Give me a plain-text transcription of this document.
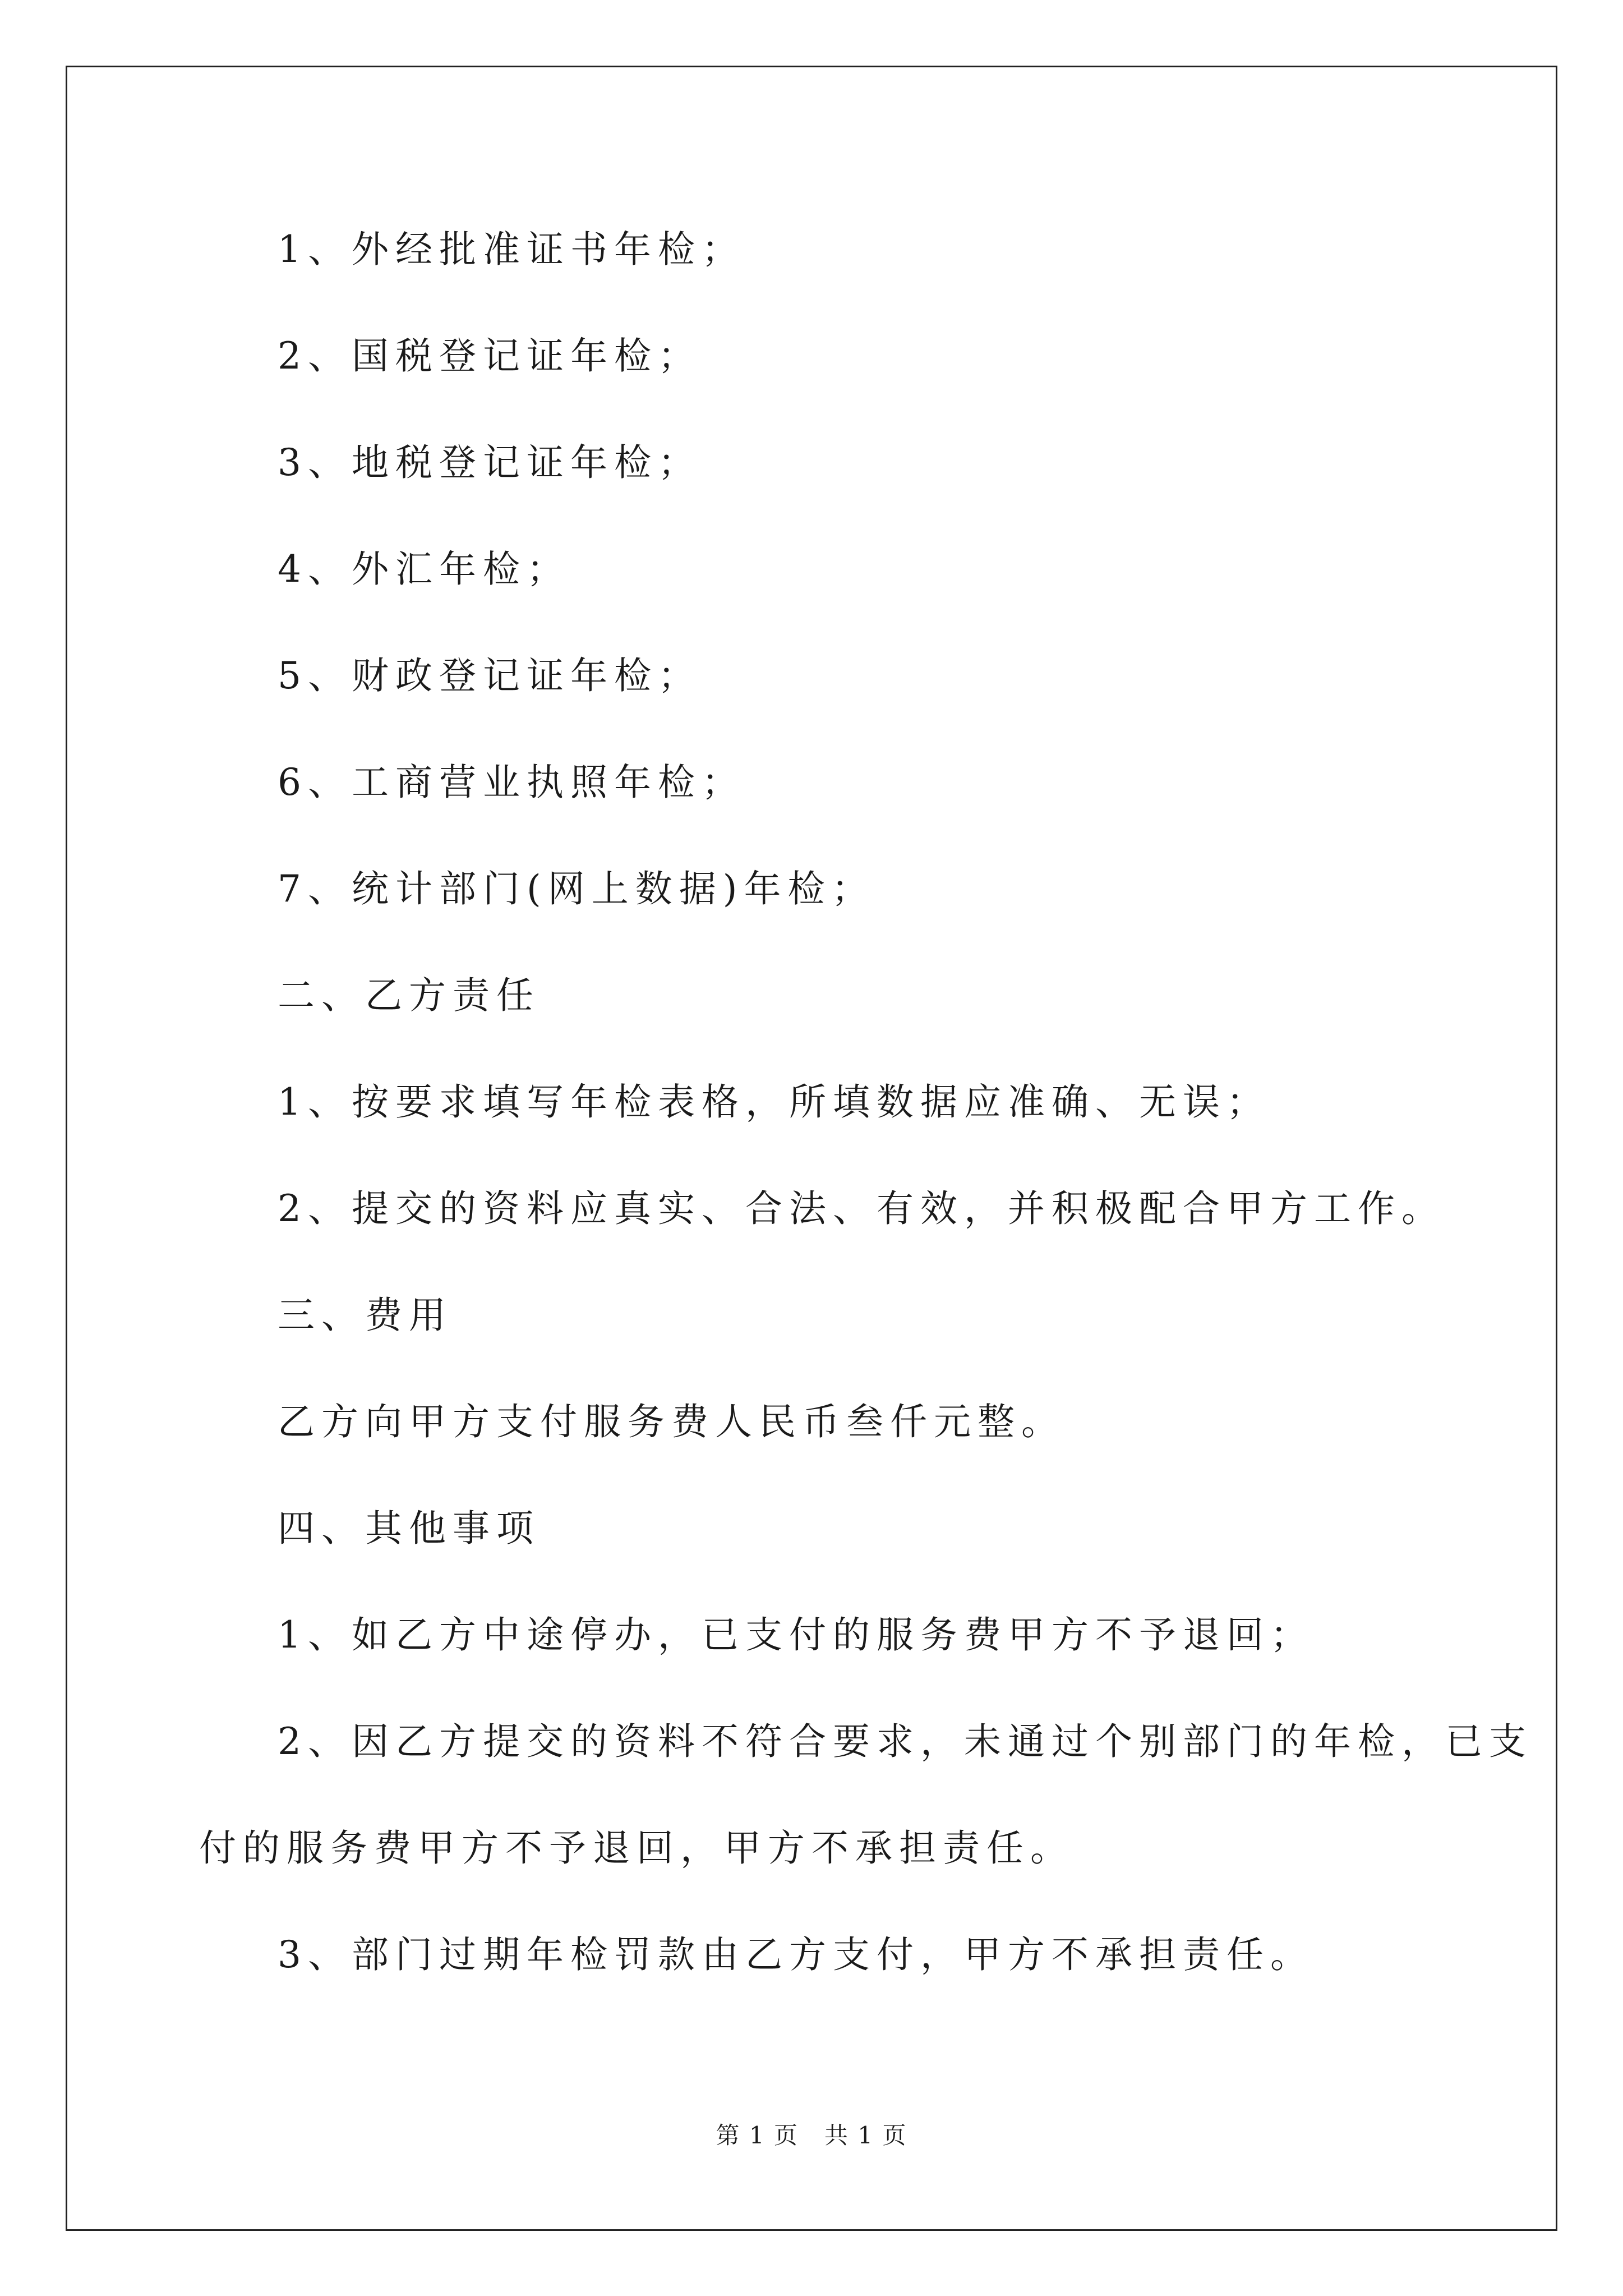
1、外经批准证书年检；
2、国税登记证年检；
3、地税登记证年检；
4、外汇年检；
5、财政登记证年检；
6、工商营业执照年检；
7、统计部门(网上数据)年检；
二、乙方责任
1、按要求填写年检表格，所填数据应准确、无误；
2、提交的资料应真实、合法、有效，并积极配合甲方工作。
三、费用
乙方向甲方支付服务费人民币叁仟元整。
四、其他事项
1、如乙方中途停办，已支付的服务费甲方不予退回；
2、因乙方提交的资料不符合要求，未通过个别部门的年检，已支
付的服务费甲方不予退回，甲方不承担责任。
3、部门过期年检罚款由乙方支付，甲方不承担责任。
第 1 页   共 1 页
